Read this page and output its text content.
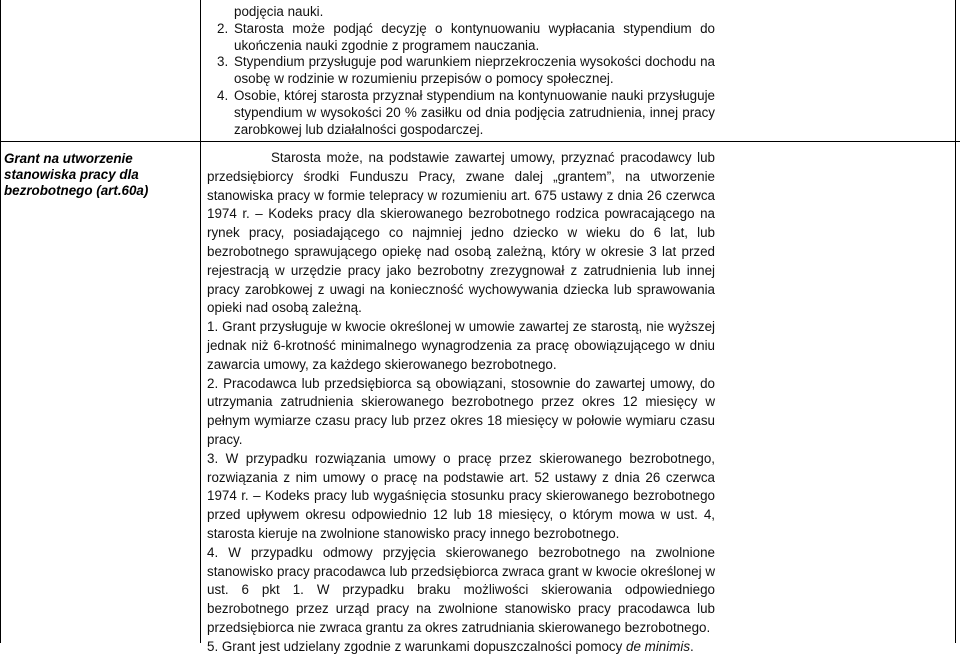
podjęcia nauki.

2. Starosta może podjąć decyzję o kontynuowaniu wypłacania stypendium do ukończenia nauki zgodnie z programem nauczania.

3. Stypendium przysługuje pod warunkiem nieprzekroczenia wysokości dochodu na osobę w rodzinie w rozumieniu przepisów o pomocy społecznej.

4. Osobie, której starosta przyznał stypendium na kontynuowanie nauki przysługuje stypendium w wysokości 20 % zasiłku od dnia podjęcia zatrudnienia, innej pracy zarobkowej lub działalności gospodarczej.

Grant na utworzenie stanowiska pracy dla bezrobotnego (art.60a)

Starosta może, na podstawie zawartej umowy, przyznać pracodawcy lub przedsiębiorcy środki Funduszu Pracy, zwane dalej „grantem”, na utworzenie stanowiska pracy w formie telepracy w rozumieniu art. 675 ustawy z dnia 26 czerwca 1974 r. – Kodeks pracy dla skierowanego bezrobotnego rodzica powracającego na rynek pracy, posiadającego co najmniej jedno dziecko w wieku do 6 lat, lub bezrobotnego sprawującego opiekę nad osobą zależną, który w okresie 3 lat przed rejestracją w urzędzie pracy jako bezrobotny zrezygnował z zatrudnienia lub innej pracy zarobkowej z uwagi na konieczność wychowywania dziecka lub sprawowania opieki nad osobą zależną.

1. Grant przysługuje w kwocie określonej w umowie zawartej ze starostą, nie wyższej jednak niż 6-krotność minimalnego wynagrodzenia za pracę obowiązującego w dniu zawarcia umowy, za każdego skierowanego bezrobotnego.

2. Pracodawca lub przedsiębiorca są obowiązani, stosownie do zawartej umowy, do utrzymania zatrudnienia skierowanego bezrobotnego przez okres 12 miesięcy w pełnym wymiarze czasu pracy lub przez okres 18 miesięcy w połowie wymiaru czasu pracy.

3. W przypadku rozwiązania umowy o pracę przez skierowanego bezrobotnego, rozwiązania z nim umowy o pracę na podstawie art. 52 ustawy z dnia 26 czerwca 1974 r. – Kodeks pracy lub wygaśnięcia stosunku pracy skierowanego bezrobotnego przed upływem okresu odpowiednio 12 lub 18 miesięcy, o którym mowa w ust. 4, starosta kieruje na zwolnione stanowisko pracy innego bezrobotnego.

4. W przypadku odmowy przyjęcia skierowanego bezrobotnego na zwolnione stanowisko pracy pracodawca lub przedsiębiorca zwraca grant w kwocie określonej w ust. 6 pkt 1. W przypadku braku możliwości skierowania odpowiedniego bezrobotnego przez urząd pracy na zwolnione stanowisko pracy pracodawca lub przedsiębiorca nie zwraca grantu za okres zatrudniania skierowanego bezrobotnego.

5. Grant jest udzielany zgodnie z warunkami dopuszczalności pomocy de minimis.
